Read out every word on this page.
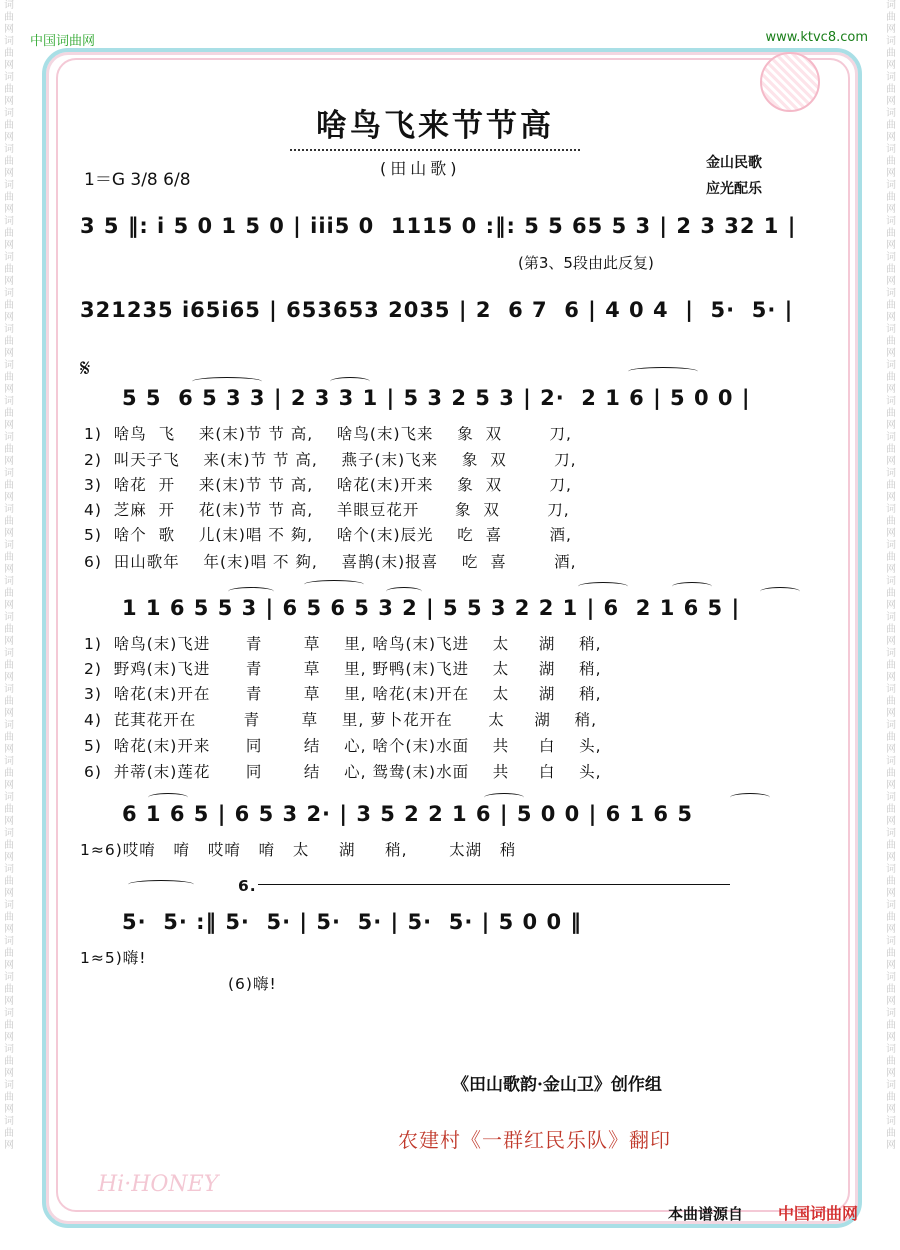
词曲网词曲网词曲网词曲网词曲网词曲网词曲网词曲网词曲网词曲网词曲网词曲网词曲网词曲网词曲网词曲网词曲网词曲网词曲网词曲网词曲网词曲网词曲网词曲网词曲网词曲网词曲网词曲网词曲网词曲网词曲网词曲网
词曲网词曲网词曲网词曲网词曲网词曲网词曲网词曲网词曲网词曲网词曲网词曲网词曲网词曲网词曲网词曲网词曲网词曲网词曲网词曲网词曲网词曲网词曲网词曲网词曲网词曲网词曲网词曲网词曲网词曲网词曲网词曲网
中国词曲网	www.ktvc8.com
啥鸟飞来节节高
(田山歌)
1＝G 3/8 6/8
金山民歌
应光配乐
3 5 ‖: i 5 0 1 5 0 | iii5 0  1115 0 :‖: 5 5 65 5 3 | 2 3 32 1 |
(第3、5段由此反复)
321235 i65i65 | 653653 2035 | 2  6 7  6 | 4 0 4  |  5·  5· |
𝄋
5 5  6 5 3 3 | 2 3 3 1 | 5 3 2 5 3 | 2·  2 1 6 | 5 0 0 |
1)  啥鸟  飞    来(末)节 节 高,    啥鸟(末)飞来    象  双        刀,
2)  叫天子飞    来(末)节 节 高,    燕子(末)飞来    象  双        刀,
3)  啥花  开    来(末)节 节 高,    啥花(末)开来    象  双        刀,
4)  芝麻  开    花(末)节 节 高,    羊眼豆花开      象  双        刀,
5)  啥个  歌    儿(末)唱 不 夠,    啥个(末)辰光    吃  喜        酒,
6)  田山歌年    年(末)唱 不 夠,    喜鹊(末)报喜    吃  喜        酒,
1 1 6 5 5 3 | 6 5 6 5 3 2 | 5 5 3 2 2 1 | 6  2 1 6 5 |
1)  啥鸟(末)飞进      青       草    里, 啥鸟(末)飞进    太     湖    稍,
2)  野鸡(末)飞进      青       草    里, 野鸭(末)飞进    太     湖    稍,
3)  啥花(末)开在      青       草    里, 啥花(末)开在    太     湖    稍,
4)  芘萁花开在        青       草    里, 萝卜花开在      太     湖    稍,
5)  啥花(末)开来      同       结    心, 啥个(末)水面    共     白    头,
6)  并蒂(末)莲花      同       结    心, 鸳鸯(末)水面    共     白    头,
6 1 6 5 | 6 5 3 2· | 3 5 2 2 1 6 | 5 0 0 | 6 1 6 5
1≈6)哎唷   唷   哎唷   唷   太     湖     稍,       太湖   稍
6.
5·  5· :‖ 5·  5· | 5·  5· | 5·  5· | 5 0 0 ‖
1≈5)嗨!
(6)嗨!
《田山歌韵·金山卫》创作组
农建村《一群红民乐队》翻印
Hi·HONEY
本曲谱源自 中国词曲网
